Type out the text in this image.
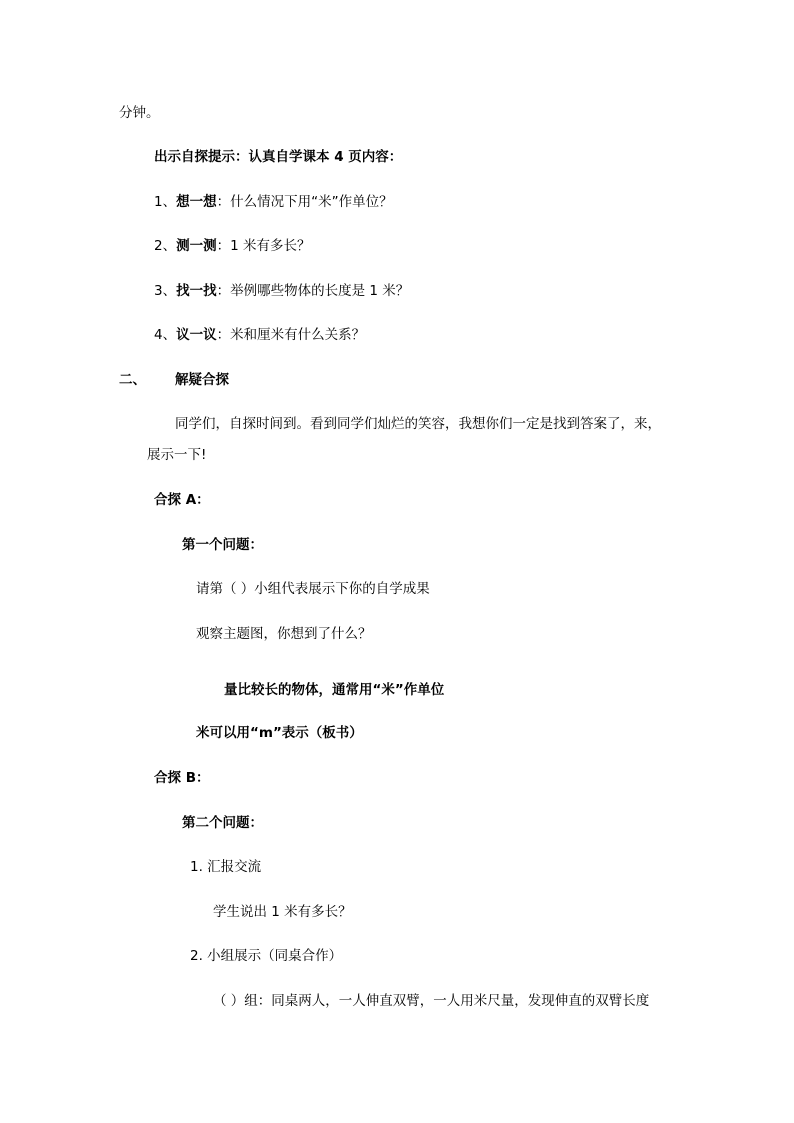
分钟。
出示自探提示：认真自学课本 4 页内容：
1、想一想：什么情况下用“米”作单位？
2、测一测：1 米有多长？
3、找一找：举例哪些物体的长度是 1 米？
4、议一议：米和厘米有什么关系？
二、 解疑合探
同学们，自探时间到。看到同学们灿烂的笑容，我想你们一定是找到答案了，来，
展示一下!
合探 A：
第一个问题：
请第（ ）小组代表展示下你的自学成果
观察主题图，你想到了什么？
量比较长的物体，通常用“米”作单位
米可以用“m”表示（板书）
合探 B：
第二个问题：
1. 汇报交流
学生说出 1 米有多长？
2. 小组展示（同桌合作）
（ ）组：同桌两人，一人伸直双臂，一人用米尺量，发现伸直的双臂长度
